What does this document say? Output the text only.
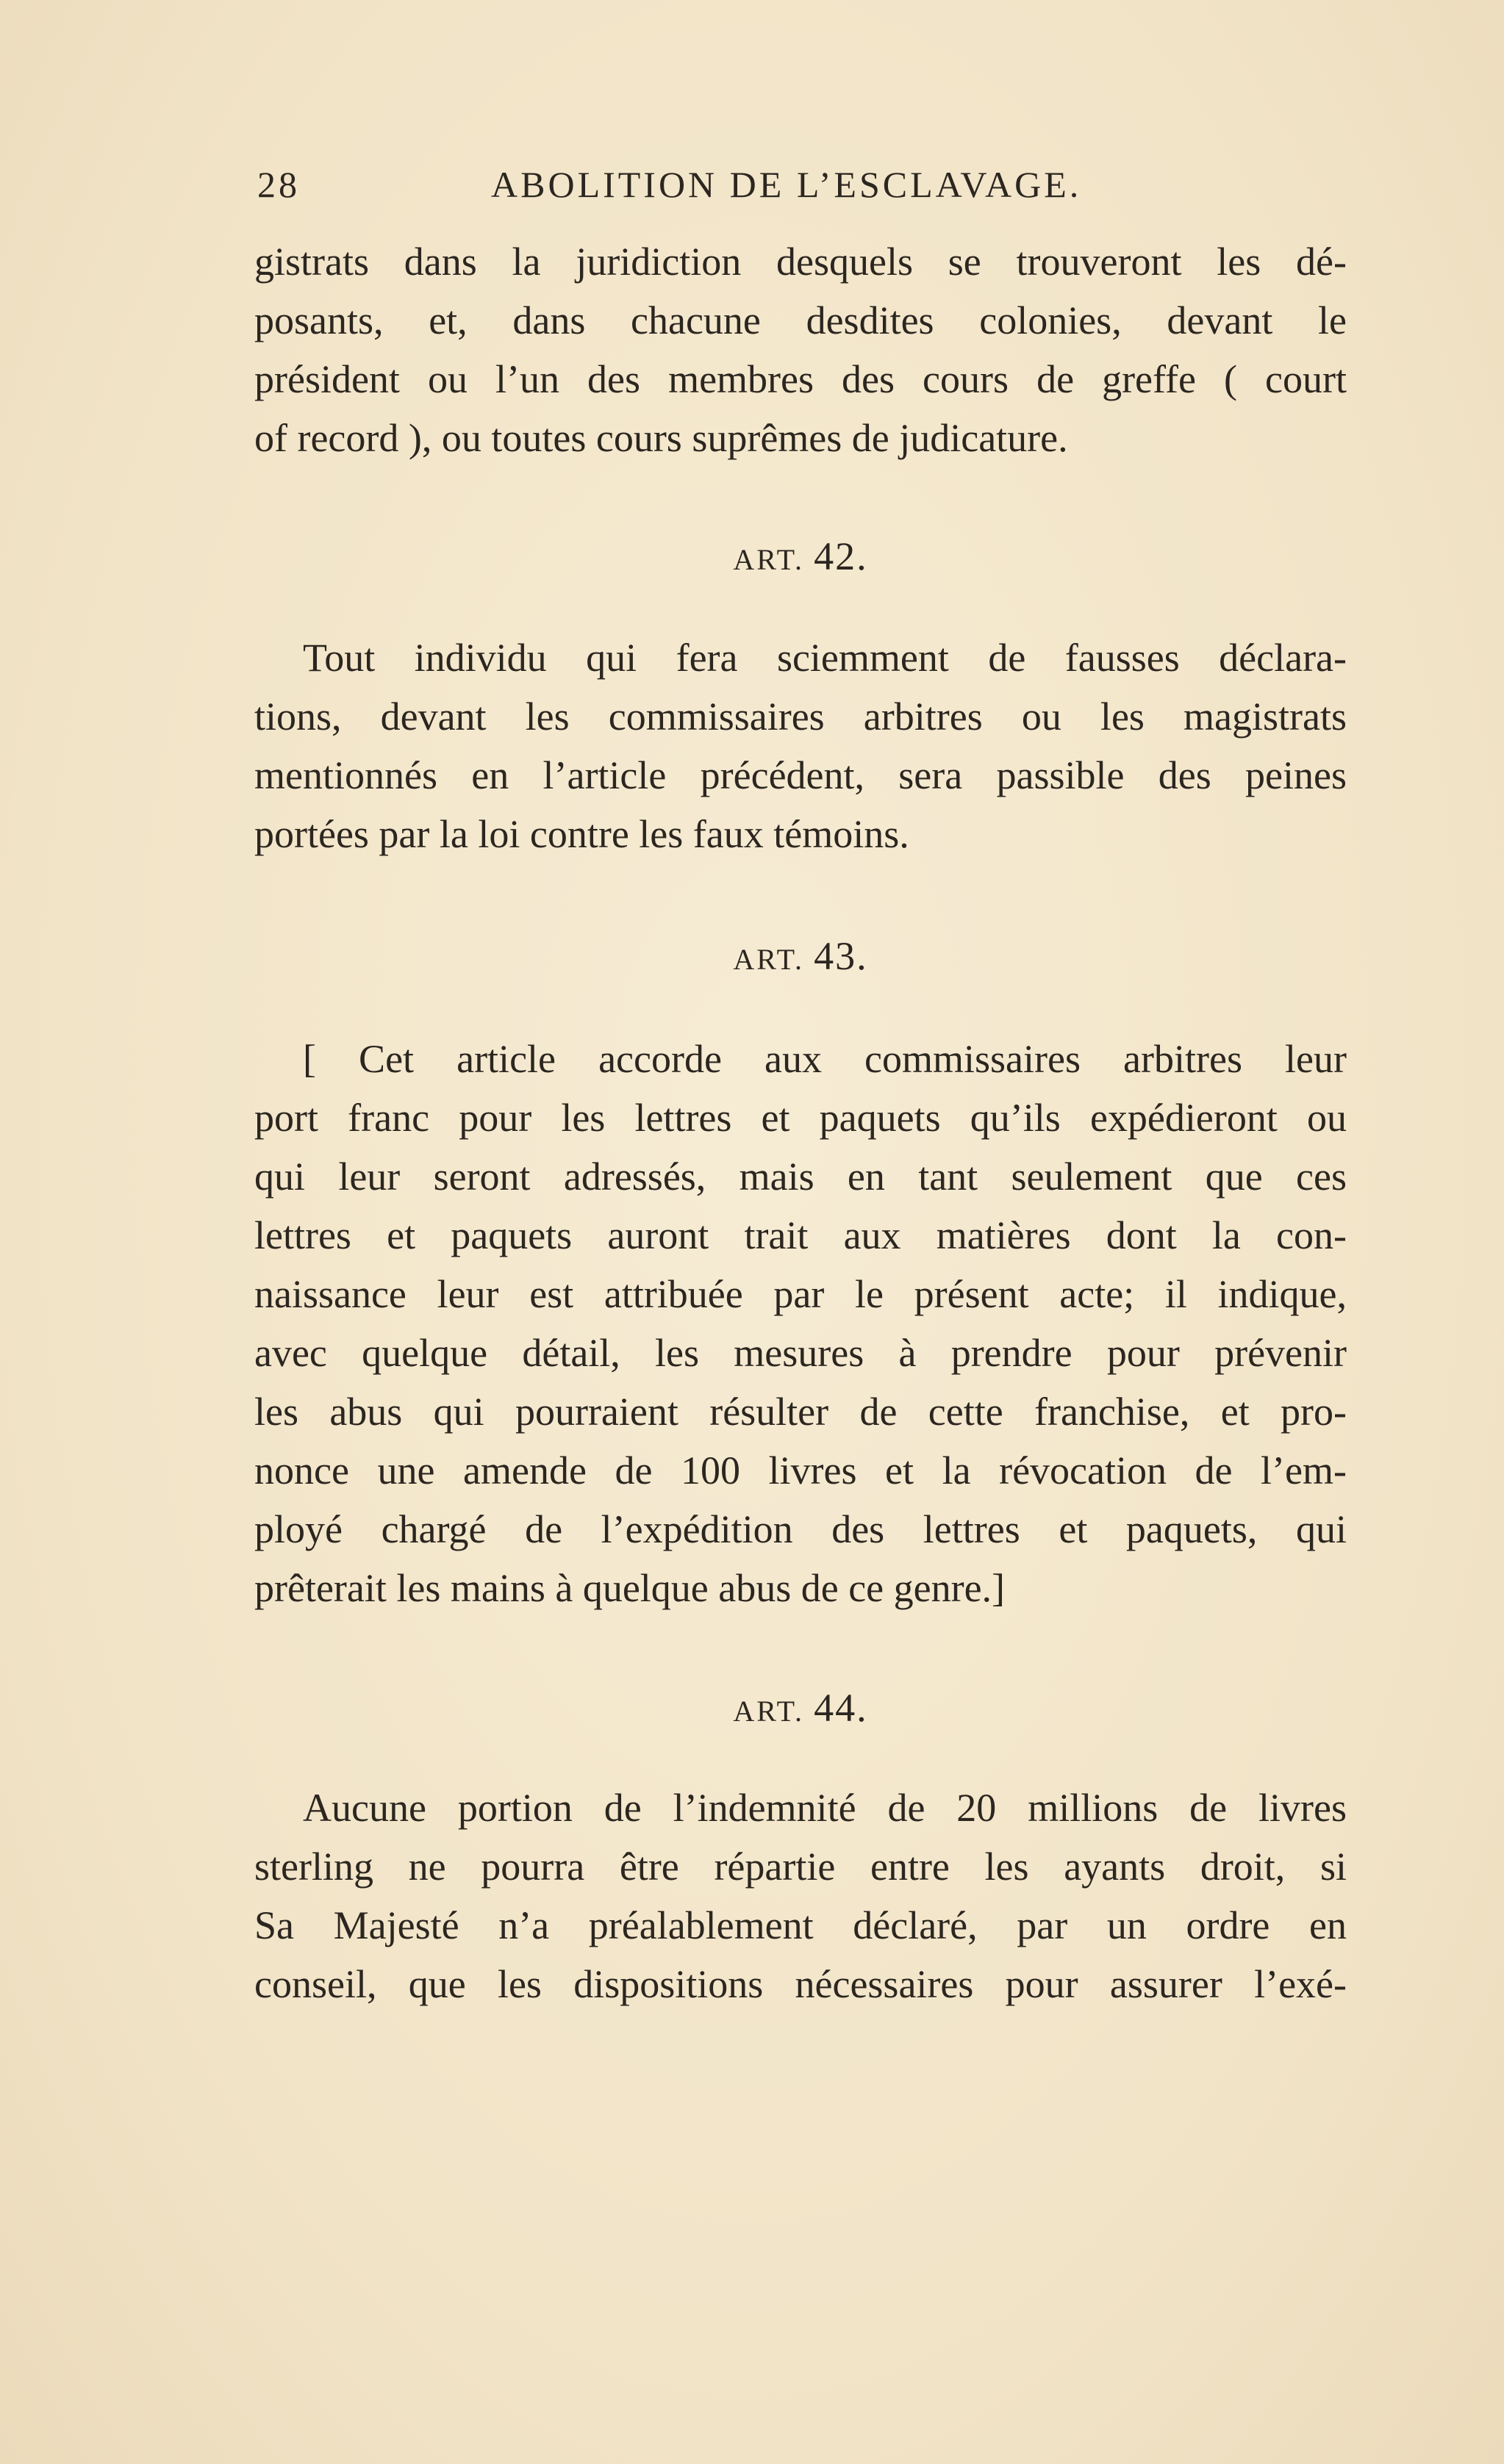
28	ABOLITION DE L’ESCLAVAGE.
gistrats dans la juridiction desquels se trouveront les dé-
posants, et, dans chacune desdites colonies, devant le
président ou l’un des membres des cours de greffe ( court
of record ), ou toutes cours suprêmes de judicature.
ART. 42.
Tout individu qui fera sciemment de fausses déclara-
tions, devant les commissaires arbitres ou les magistrats
mentionnés en l’article précédent, sera passible des peines
portées par la loi contre les faux témoins.
ART. 43.
[ Cet article accorde aux commissaires arbitres leur
port franc pour les lettres et paquets qu’ils expédieront ou
qui leur seront adressés, mais en tant seulement que ces
lettres et paquets auront trait aux matières dont la con-
naissance leur est attribuée par le présent acte; il indique,
avec quelque détail, les mesures à prendre pour prévenir
les abus qui pourraient résulter de cette franchise, et pro-
nonce une amende de 100 livres et la révocation de l’em-
ployé chargé de l’expédition des lettres et paquets, qui
prêterait les mains à quelque abus de ce genre.]
ART. 44.
Aucune portion de l’indemnité de 20 millions de livres
sterling ne pourra être répartie entre les ayants droit, si
Sa Majesté n’a préalablement déclaré, par un ordre en
conseil, que les dispositions nécessaires pour assurer l’exé-
